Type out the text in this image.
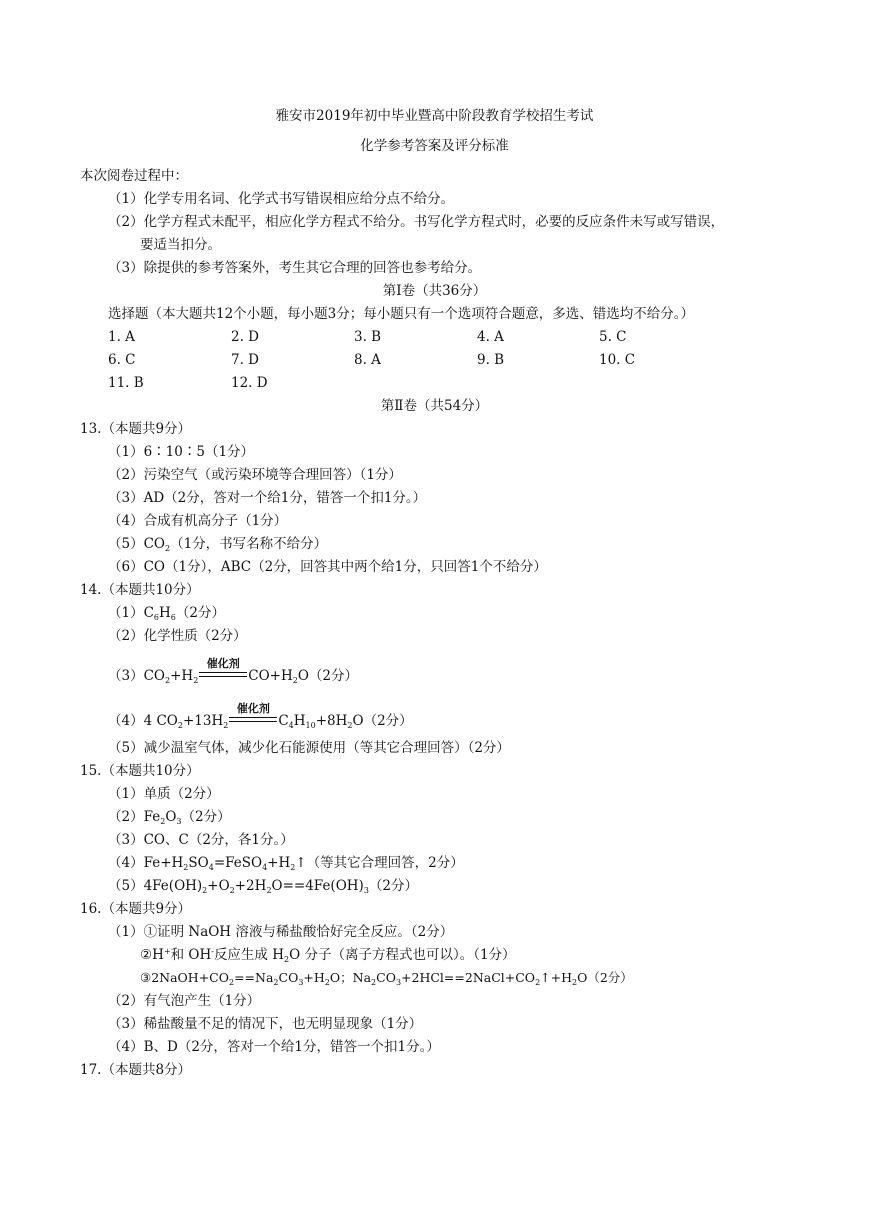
雅安市2019年初中毕业暨高中阶段教育学校招生考试
化学参考答案及评分标准
本次阅卷过程中：
（1）化学专用名词、化学式书写错误相应给分点不给分。
（2）化学方程式未配平，相应化学方程式不给分。书写化学方程式时，必要的反应条件未写或写错误，
要适当扣分。
（3）除提供的参考答案外，考生其它合理的回答也参考给分。
第Ⅰ卷（共36分）
选择题（本大题共12个小题，每小题3分；每小题只有一个选项符合题意，多选、错选均不给分。）
1. A	2. D	3. B	4. A	5. C
6. C	7. D	8. A	9. B	10. C
11. B	12. D
第Ⅱ卷（共54分）
13.（本题共9分）
（1）6∶10∶5（1分）
（2）污染空气（或污染环境等合理回答）（1分）
（3）AD（2分，答对一个给1分，错答一个扣1分。）
（4）合成有机高分子（1分）
$(5)CO_2(1$分，书写名称不给分）
（6）CO（1分），ABC（2分，回答其中两个给1分，只回答1个不给分）
14.（本题共10分）
$(1)C_6H_6(2$分）
（2）化学性质（2分）
$(3)CO_2+H_2$
催化剂
$CO+H_2O(2$分）
（4）4 $CO_2+13H_2$
催化剂
$C_4H_{10}+8H_2O(2$分）
（5）减少温室气体，减少化石能源使用（等其它合理回答）（2分）
15.（本题共10分）
（1）单质（2分）
$(2)Fe_2O_3(2$分）
（3）CO、C（2分，各1分。）
$(4)Fe+H_2SO_4=FeSO_4+H_2↑$（等其它合理回答，2分）
$(5)4Fe(OH)_2+O_2+2H_2O==4Fe(OH)_3(2$分）
16.（本题共9分）
（1）①证明 NaOH 溶液与稀盐酸恰好完全反应。（2分）
②H+和 OH-反应生成 $H_2O$ 分子（离子方程式也可以）。（1分）
$③2NaOH+CO_2==Na_2CO_3+H_2O$；$Na_2CO_3+2HCl==2NaCl+CO_2↑+H_2O(2$分）
（2）有气泡产生（1分）
（3）稀盐酸量不足的情况下，也无明显现象（1分）
（4）B、D（2分，答对一个给1分，错答一个扣1分。）
17.（本题共8分）
